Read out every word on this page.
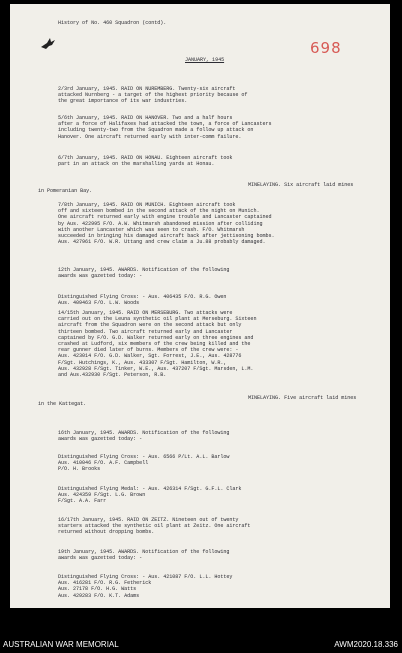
History of No. 460 Squadron (contd).
698
JANUARY, 1945
2/3rd January, 1945. RAID ON NUREMBERG. Twenty-six aircraft
attacked Nurnberg - a target of the highest priority because of
the great importance of its war industries.
5/6th January, 1945. RAID ON HANOVER. Two and a half hours
after a force of Halifaxes had attacked the town, a force of Lancasters
including twenty-two from the Squadron made a follow up attack on
Hanover. One aircraft returned early with inter-comm failure.
6/7th January, 1945. RAID ON HONAU. Eighteen aircraft took
part in an attack on the marshalling yards at Honau.
MINELAYING. Six aircraft laid mines
in Pomeranian Bay.
7/8th January, 1945. RAID ON MUNICH. Eighteen aircraft took
off and sixteen bombed in the second attack of the night on Munich.
One aircraft returned early with engine trouble and Lancaster captained
by Aus. 422995 F/O. A.W. Whitmarsh abandoned mission after colliding
with another Lancaster which was seen to crash. F/O. Whitmarsh
succeeded in bringing his damaged aircraft back after jettisoning bombs.
Aus. 427961 F/O. W.R. Uttang and crew claim a Ju.88 probably damaged.
12th January, 1945. AWARDS. Notification of the following
awards was gazetted today: -
Distinguished Flying Cross: - Aus. 406435 F/O. R.G. Owen
Aus. 409463 F/O. L.W. Woods
14/15th January, 1945. RAID ON MERSEBURG. Two attacks were
carried out on the Leuna synthetic oil plant at Merseburg. Sixteen
aircraft from the Squadron were on the second attack but only
thirteen bombed. Two aircraft returned early and Lancaster
captained by F/O. G.D. Walker returned early on three engines and
crashed at Ludford, six members of the crew being killed and the
rear gunner died later of burns. Members of the crew were: -
Aus. 423014 F/O. G.D. Walker, Sgt. Forrest, J.E., Aus. 428776
F/Sgt. Hutchings, K., Aus. 433307 F/Sgt. Hamilton, W.R.,
Aus. 432928 F/Sgt. Tinker, W.E., Aus. 437207 F/Sgt. Marsden, L.M.
and Aus.432930 F/Sgt. Peterson, R.B.
MINELAYING. Five aircraft laid mines
in the Kattegat.
16th January, 1945. AWARDS. Notification of the following
awards was gazetted today: -
Distinguished Flying Cross: - Aus. 6566 P/Lt. A.L. Barlow
Aus. 410046 F/O. A.F. Campbell
P/O. H. Brooks
Distinguished Flying Medal: - Aus. 426314 F/Sgt. G.F.L. Clark
Aus. 424359 F/Sgt. L.G. Brown
F/Sgt. A.A. Farr
16/17th January, 1945. RAID ON ZEITZ. Nineteen out of twenty
starters attacked the synthetic oil plant at Zeitz. One aircraft
returned without dropping bombs.
19th January, 1945. AWARDS. Notification of the following
awards was gazetted today: -
Distinguished Flying Cross: - Aus. 421087 F/O. L.L. Hottey
Aus. 416281 F/O. R.G. Fetherick
Aus. 27178 F/O. H.G. Watts
Aus. 429283 F/O. K.T. Adams
AUSTRALIAN WAR MEMORIAL	AWM2020.18.336
